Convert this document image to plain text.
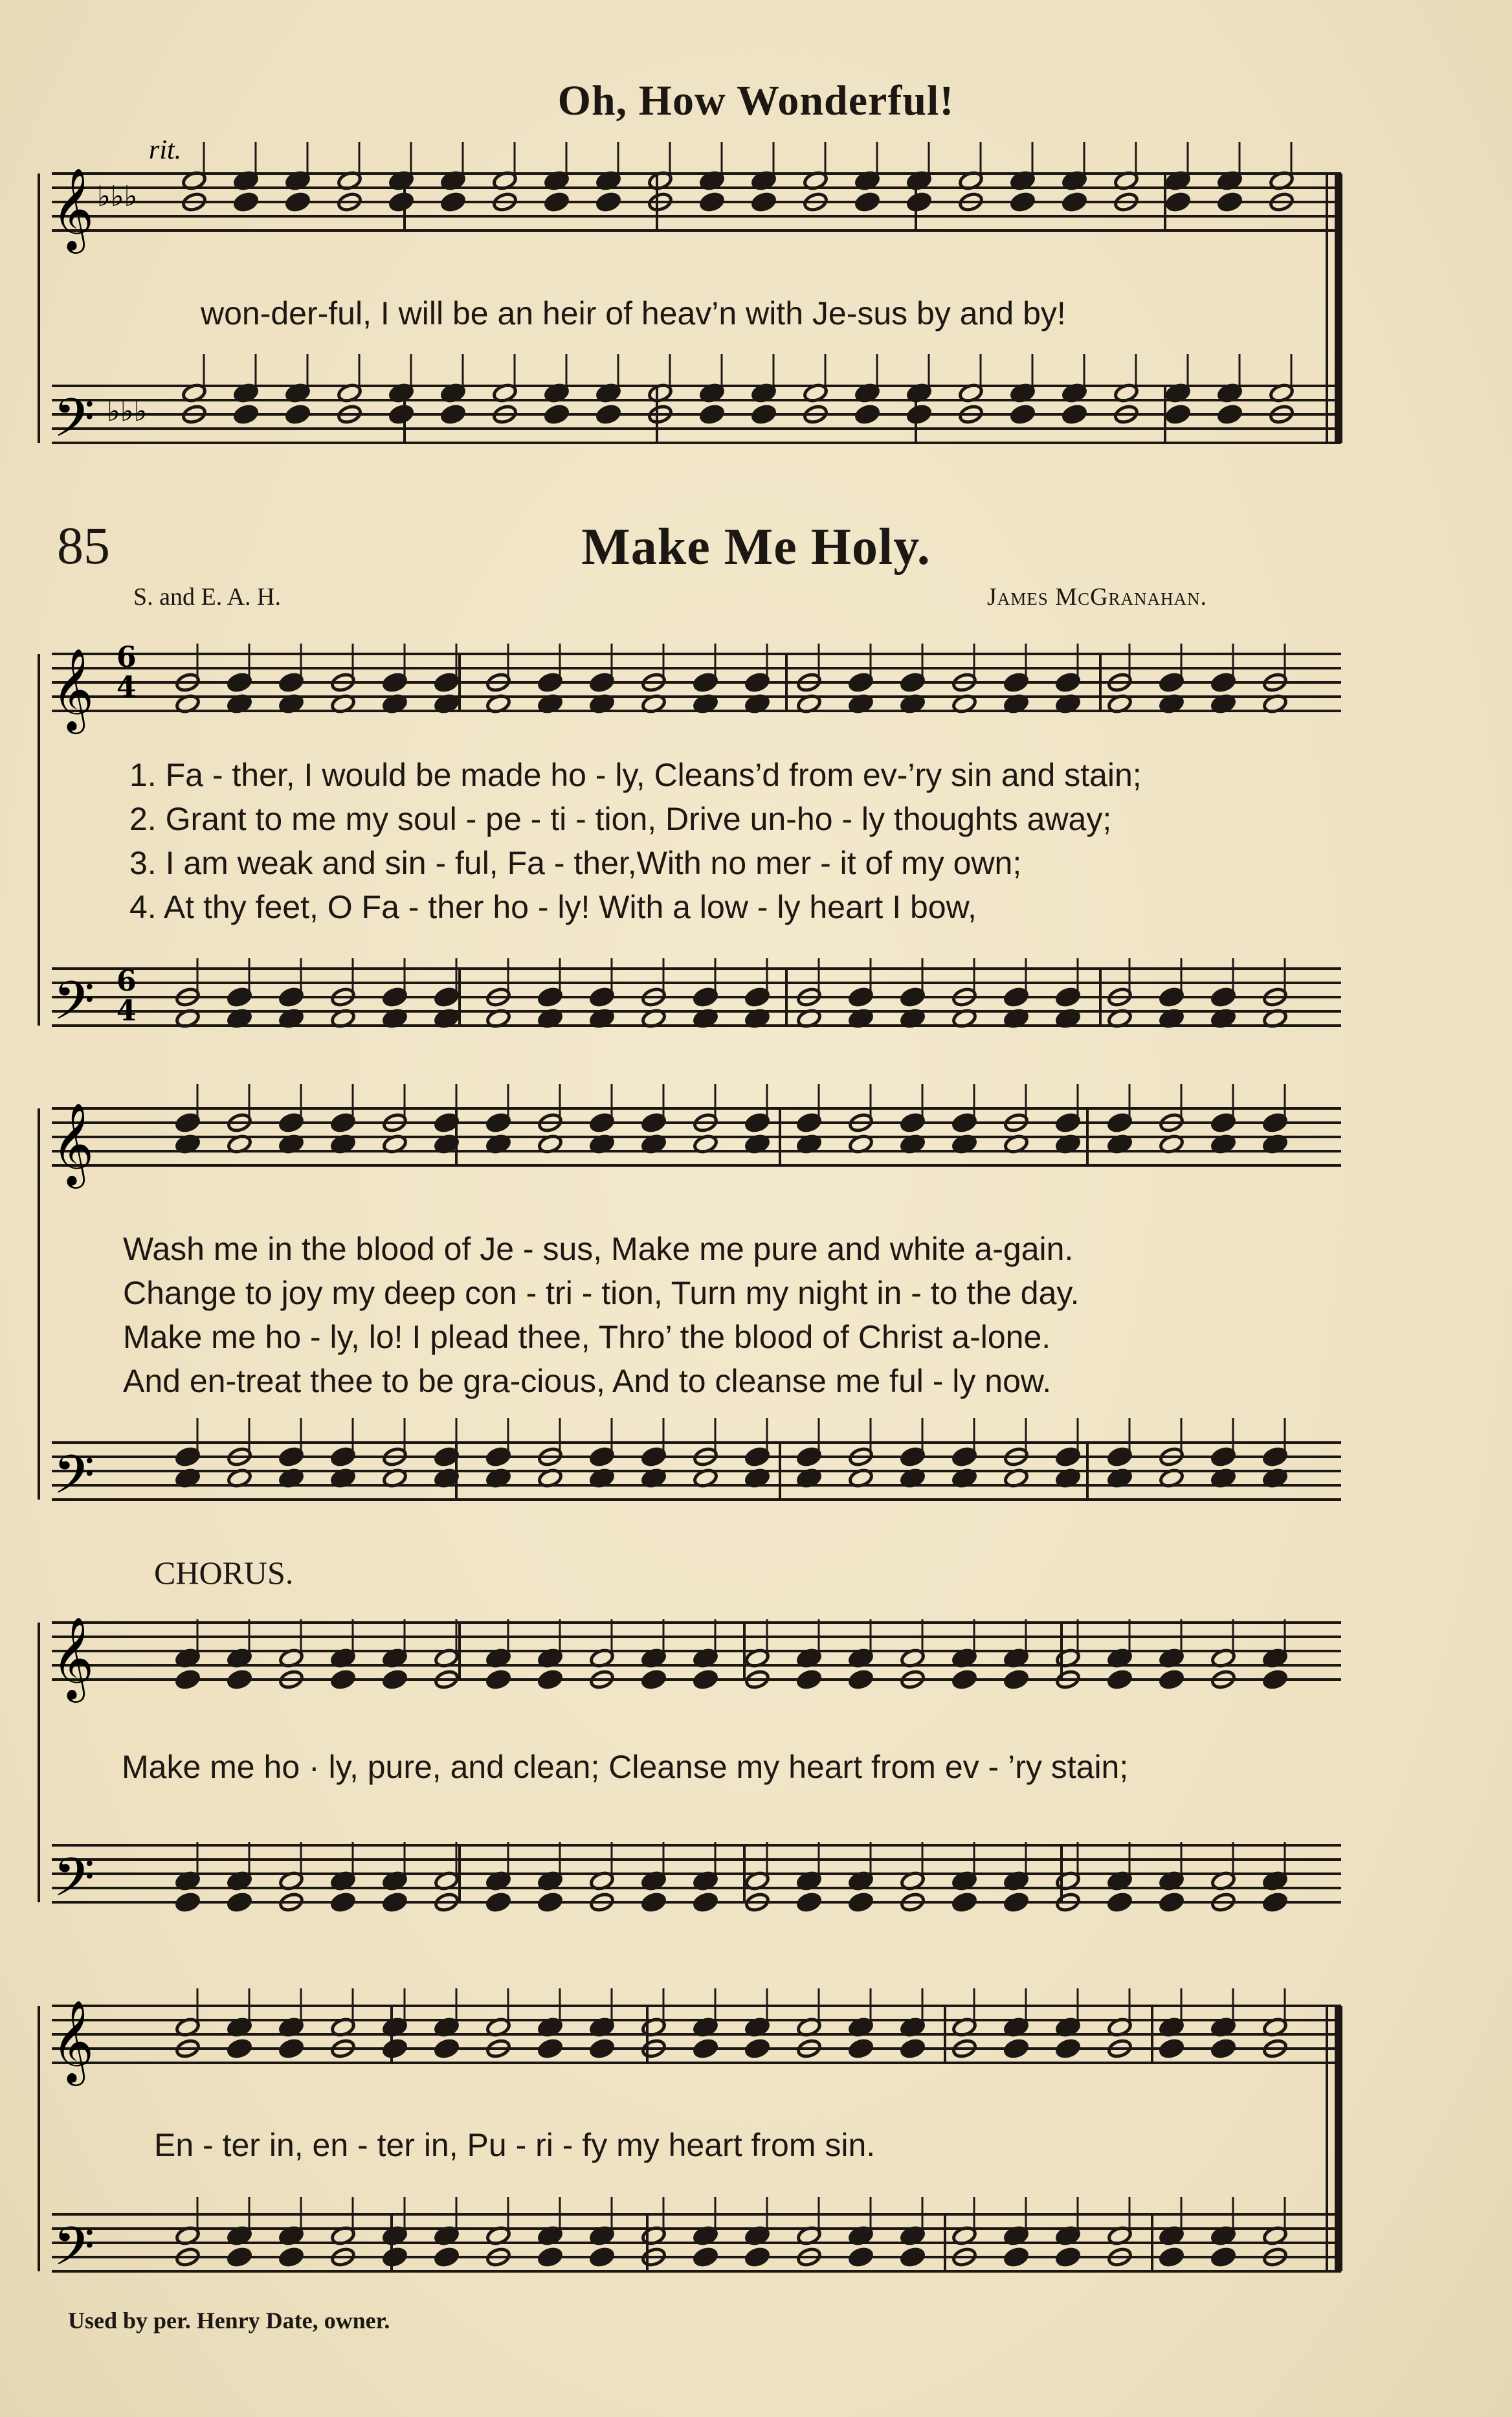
Oh, How Wonderful!
85	Make Me Holy.
S. and E. A. H.	James McGranahan.
rit.
𝄞 ♭♭♭
𝄢 ♭♭♭
𝄞 6
4
𝄢 6
4
𝄞
𝄢
𝄞
𝄢
𝄞
𝄢
won-der-ful, I will be an heir of heav’n with Je-sus by and by!
1. Fa - ther, I would be made ho - ly, Cleans’d from ev-’ry sin and stain;
2. Grant to me my soul - pe - ti - tion, Drive un-ho - ly thoughts away;
3. I am weak and sin - ful, Fa - ther,With no mer - it of my own;
4. At thy feet, O Fa - ther ho - ly! With a low - ly heart I bow,
Wash me in the blood of Je - sus, Make me pure and white a-gain.
Change to joy my deep con - tri - tion, Turn my night in - to the day.
Make me ho - ly, lo! I plead thee, Thro’ the blood of Christ a-lone.
And en-treat thee to be gra-cious, And to cleanse me ful - ly now.
CHORUS.
Make me ho · ly, pure, and clean; Cleanse my heart from ev - ’ry stain;
En - ter in, en - ter in, Pu - ri - fy my heart from sin.
Used by per. Henry Date, owner.
